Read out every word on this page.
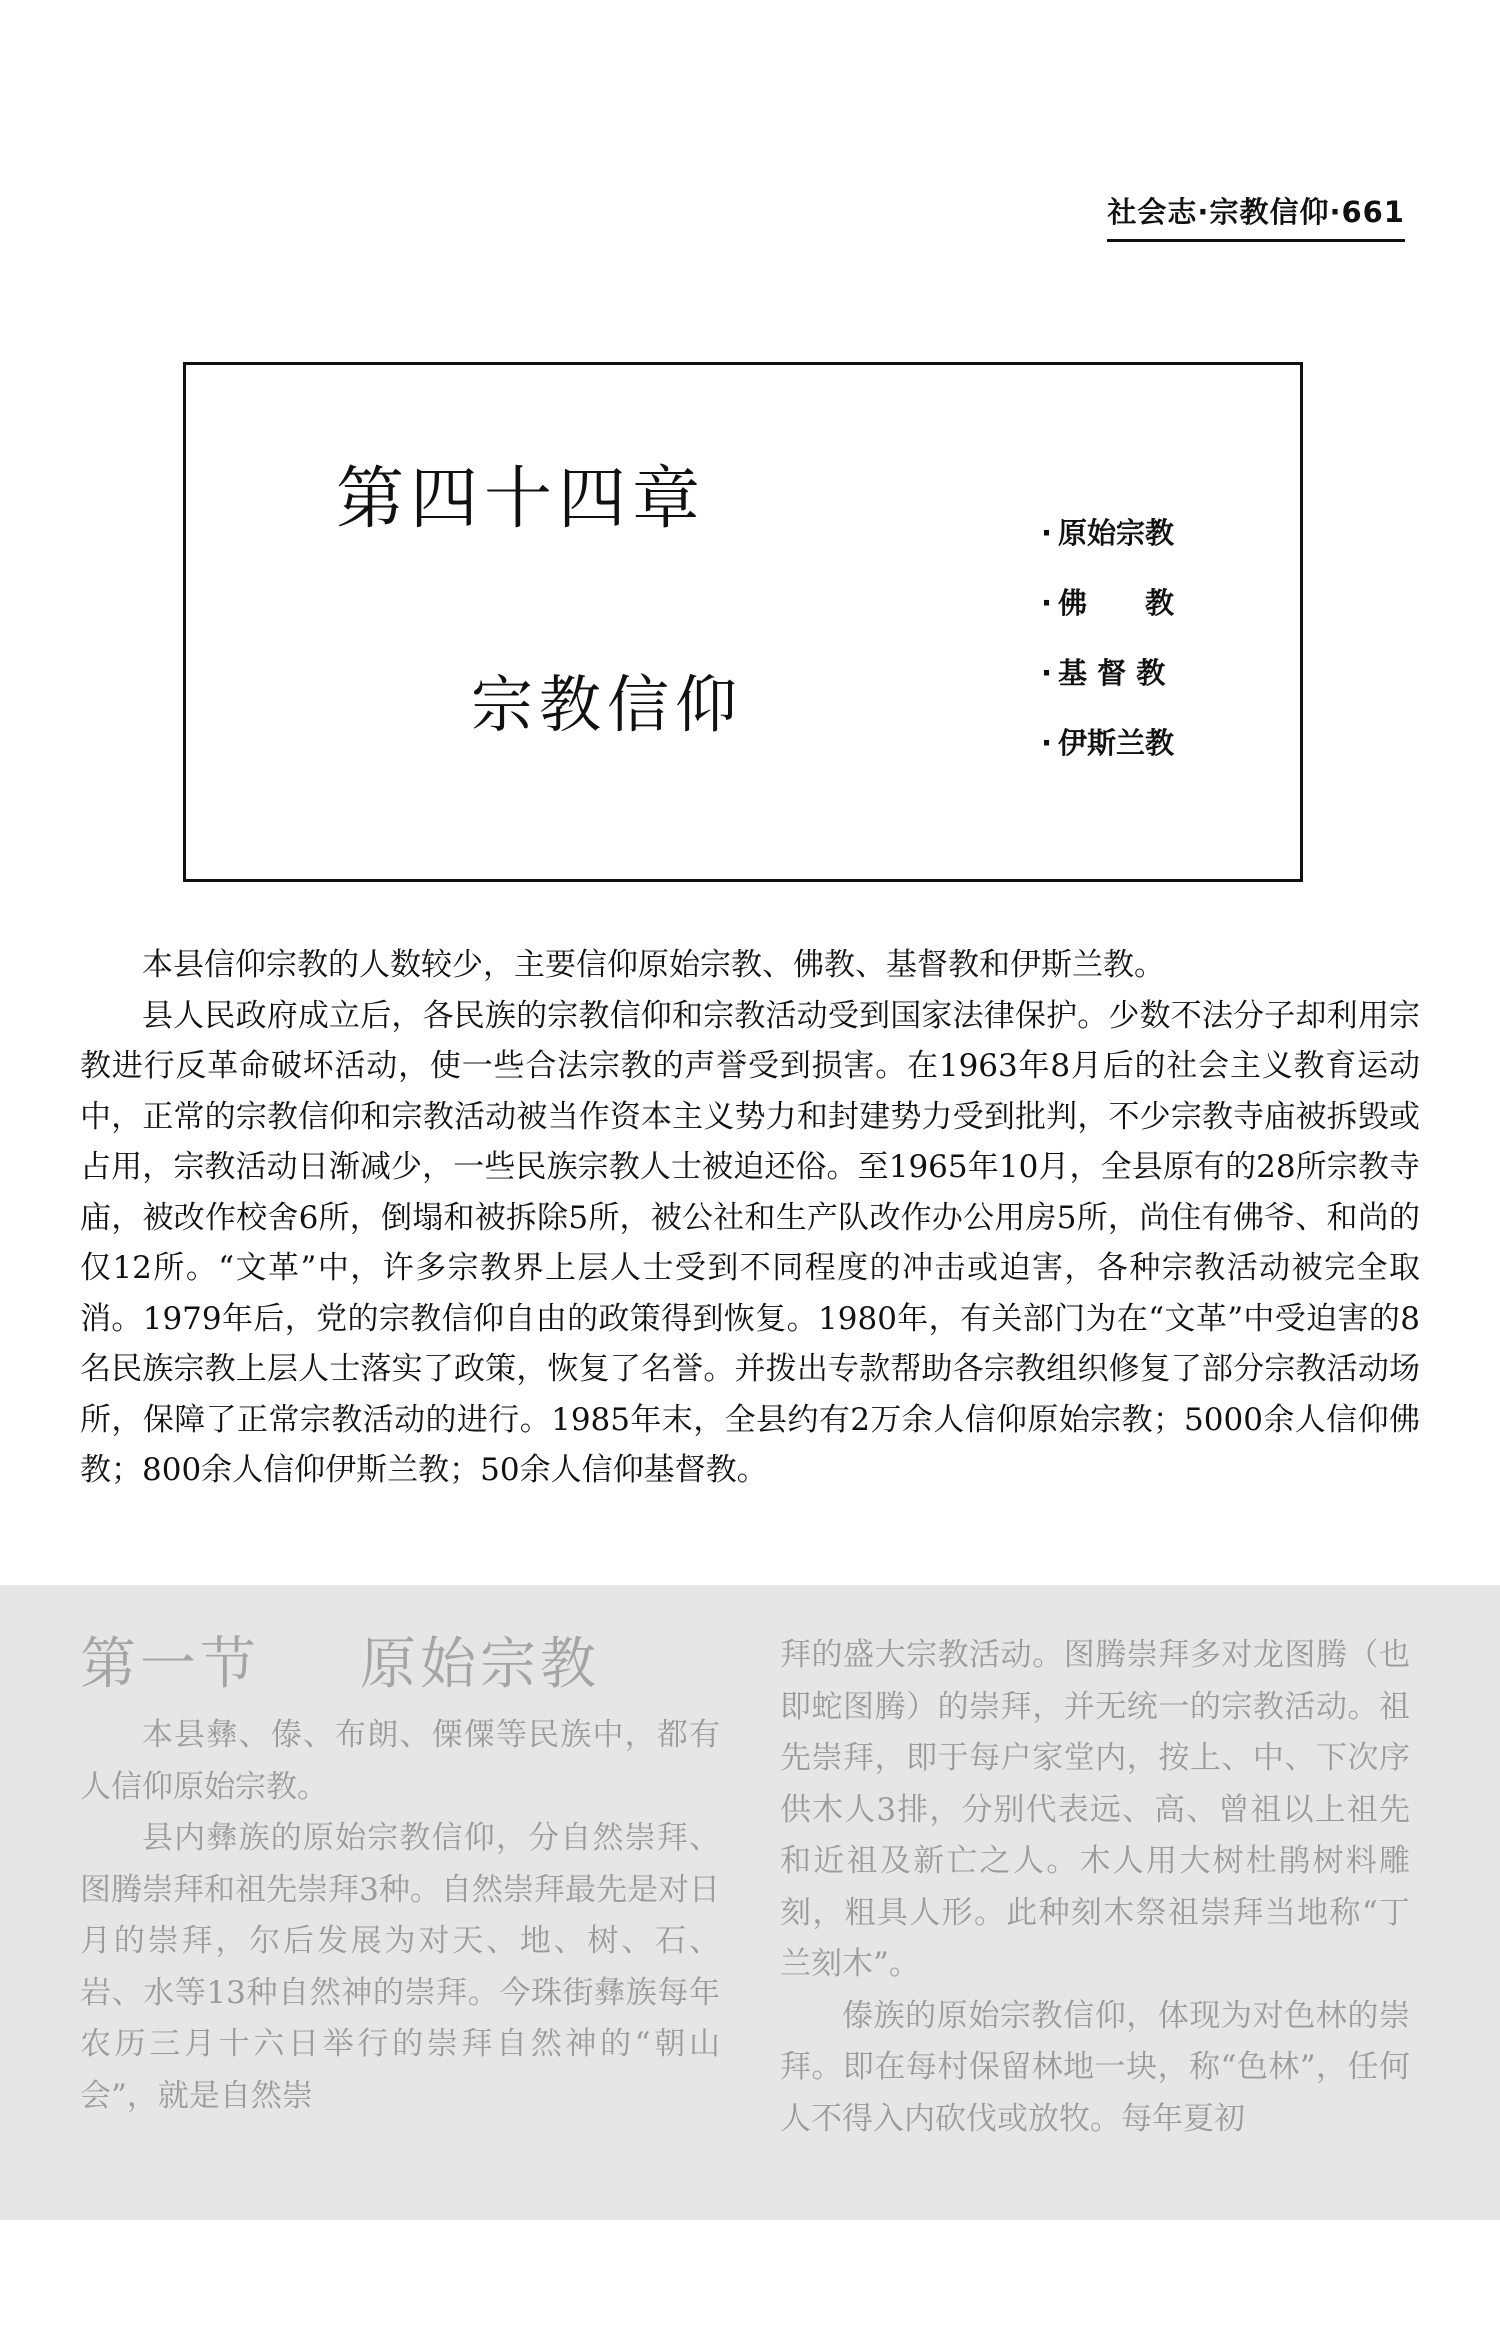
社会志·宗教信仰·661
第四十四章
宗教信仰
· 原始宗教
· 佛　　教
· 基 督 教
· 伊斯兰教

本县信仰宗教的人数较少，主要信仰原始宗教、佛教、基督教和伊斯兰教。

县人民政府成立后，各民族的宗教信仰和宗教活动受到国家法律保护。少数不法分子却利用宗教进行反革命破坏活动，使一些合法宗教的声誉受到损害。在1963年8月后的社会主义教育运动中，正常的宗教信仰和宗教活动被当作资本主义势力和封建势力受到批判，不少宗教寺庙被拆毁或占用，宗教活动日渐减少，一些民族宗教人士被迫还俗。至1965年10月，全县原有的28所宗教寺庙，被改作校舍6所，倒塌和被拆除5所，被公社和生产队改作办公用房5所，尚住有佛爷、和尚的仅12所。“文革”中，许多宗教界上层人士受到不同程度的冲击或迫害，各种宗教活动被完全取消。1979年后，党的宗教信仰自由的政策得到恢复。1980年，有关部门为在“文革”中受迫害的8名民族宗教上层人士落实了政策，恢复了名誉。并拨出专款帮助各宗教组织修复了部分宗教活动场所，保障了正常宗教活动的进行。1985年末，全县约有2万余人信仰原始宗教；5000余人信仰佛教；800余人信仰伊斯兰教；50余人信仰基督教。

第一节 原始宗教

本县彝、傣、布朗、傈僳等民族中，都有人信仰原始宗教。

县内彝族的原始宗教信仰，分自然崇拜、图腾崇拜和祖先崇拜3种。自然崇拜最先是对日月的崇拜，尔后发展为对天、地、树、石、岩、水等13种自然神的崇拜。今珠街彝族每年农历三月十六日举行的崇拜自然神的“朝山会”，就是自然崇

拜的盛大宗教活动。图腾崇拜多对龙图腾（也即蛇图腾）的崇拜，并无统一的宗教活动。祖先崇拜，即于每户家堂内，按上、中、下次序供木人3排，分别代表远、高、曾祖以上祖先和近祖及新亡之人。木人用大树杜鹃树料雕刻，粗具人形。此种刻木祭祖崇拜当地称“丁兰刻木”。

傣族的原始宗教信仰，体现为对色林的崇拜。即在每村保留林地一块，称“色林”，任何人不得入内砍伐或放牧。每年夏初
